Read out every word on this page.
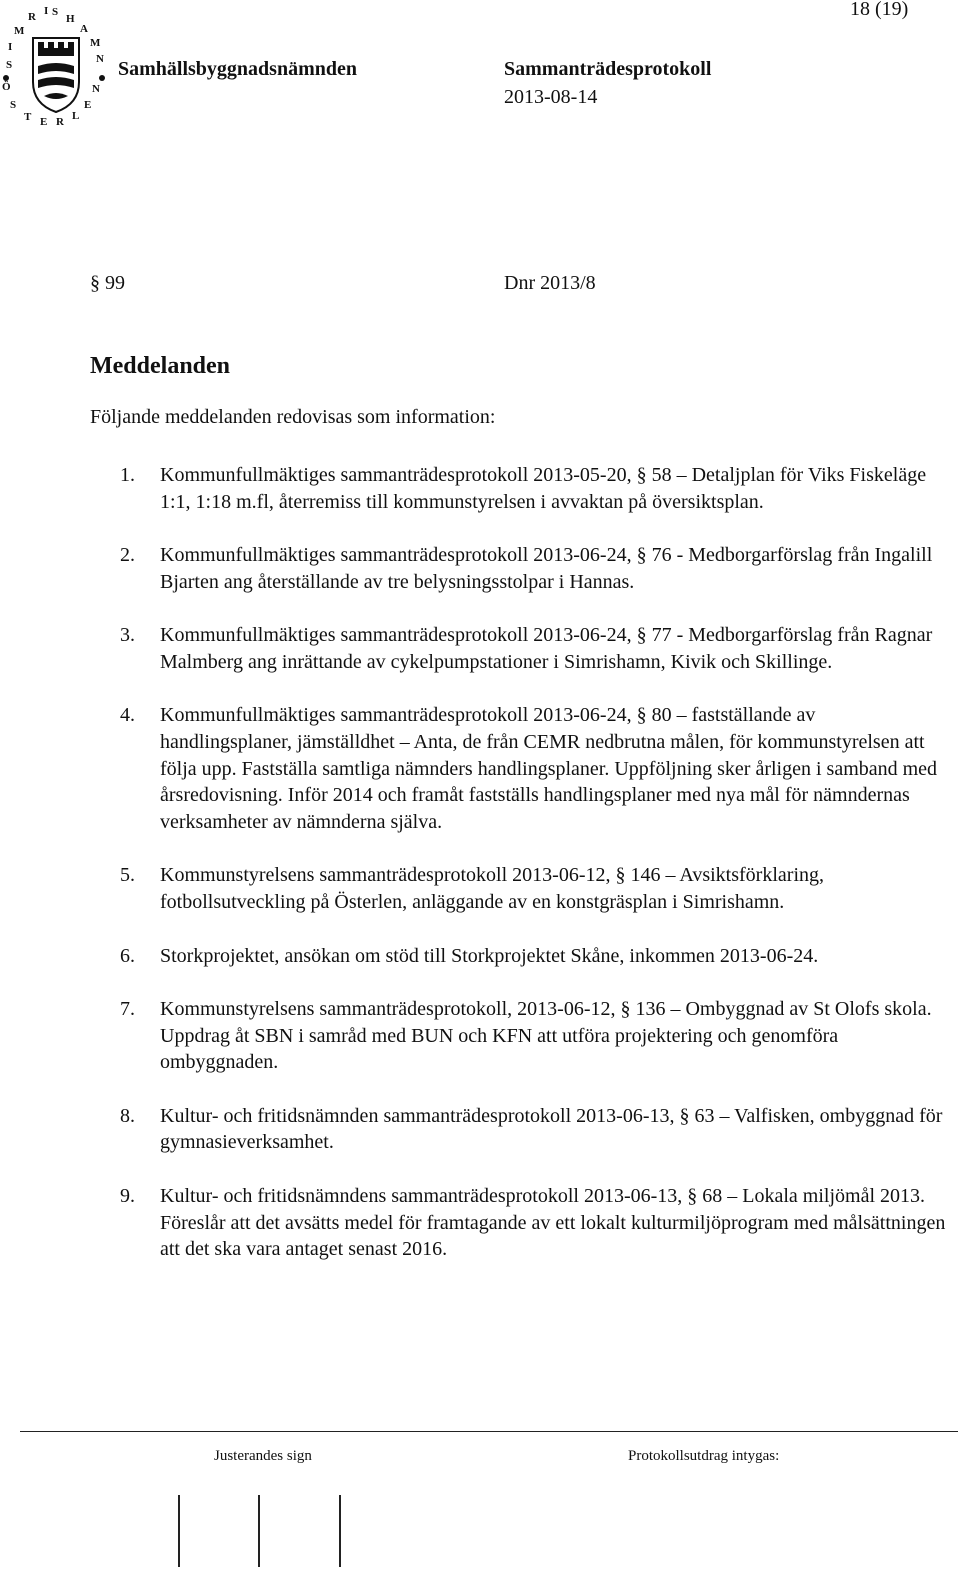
18 (19)
S
I
M
R I S
H
A
M
N
Ö
S
T E R L
E
N
Samhällsbyggnadsnämnden	Sammanträdesprotokoll
2013-08-14
§ 99	Dnr 2013/8
Meddelanden
Följande meddelanden redovisas som information:
1. Kommunfullmäktiges sammanträdesprotokoll 2013-05-20, § 58 – Detaljplan för Viks Fiskeläge 1:1, 1:18 m.fl, återremiss till kommunstyrelsen i avvaktan på översiktsplan.
2. Kommunfullmäktiges sammanträdesprotokoll 2013-06-24, § 76 - Medborgarförslag från Ingalill Bjarten ang återställande av tre belysningsstolpar i Hannas.
3. Kommunfullmäktiges sammanträdesprotokoll 2013-06-24, § 77 - Medborgarförslag från Ragnar Malmberg ang inrättande av cykelpumpstationer i Simrishamn, Kivik och Skillinge.
4. Kommunfullmäktiges sammanträdesprotokoll 2013-06-24, § 80 – fastställande av handlingsplaner, jämställdhet – Anta, de från CEMR nedbrutna målen, för kommunstyrelsen att följa upp. Fastställa samtliga nämnders handlingsplaner. Uppföljning sker årligen i samband med årsredovisning. Inför 2014 och framåt fastställs handlingsplaner med nya mål för nämndernas verksamheter av nämnderna själva.
5. Kommunstyrelsens sammanträdesprotokoll 2013-06-12, § 146 – Avsiktsförklaring, fotbollsutveckling på Österlen, anläggande av en konstgräsplan i Simrishamn.
6. Storkprojektet, ansökan om stöd till Storkprojektet Skåne, inkommen 2013-06-24.
7. Kommunstyrelsens sammanträdesprotokoll, 2013-06-12, § 136 – Ombyggnad av St Olofs skola. Uppdrag åt SBN i samråd med BUN och KFN att utföra projektering och genomföra ombyggnaden.
8. Kultur- och fritidsnämnden sammanträdesprotokoll 2013-06-13, § 63 – Valfisken, ombyggnad för gymnasieverksamhet.
9. Kultur- och fritidsnämndens sammanträdesprotokoll 2013-06-13, § 68 – Lokala miljömål 2013. Föreslår att det avsätts medel för framtagande av ett lokalt kulturmiljöprogram med målsättningen att det ska vara antaget senast 2016.
Justerandes sign	Protokollsutdrag intygas:
